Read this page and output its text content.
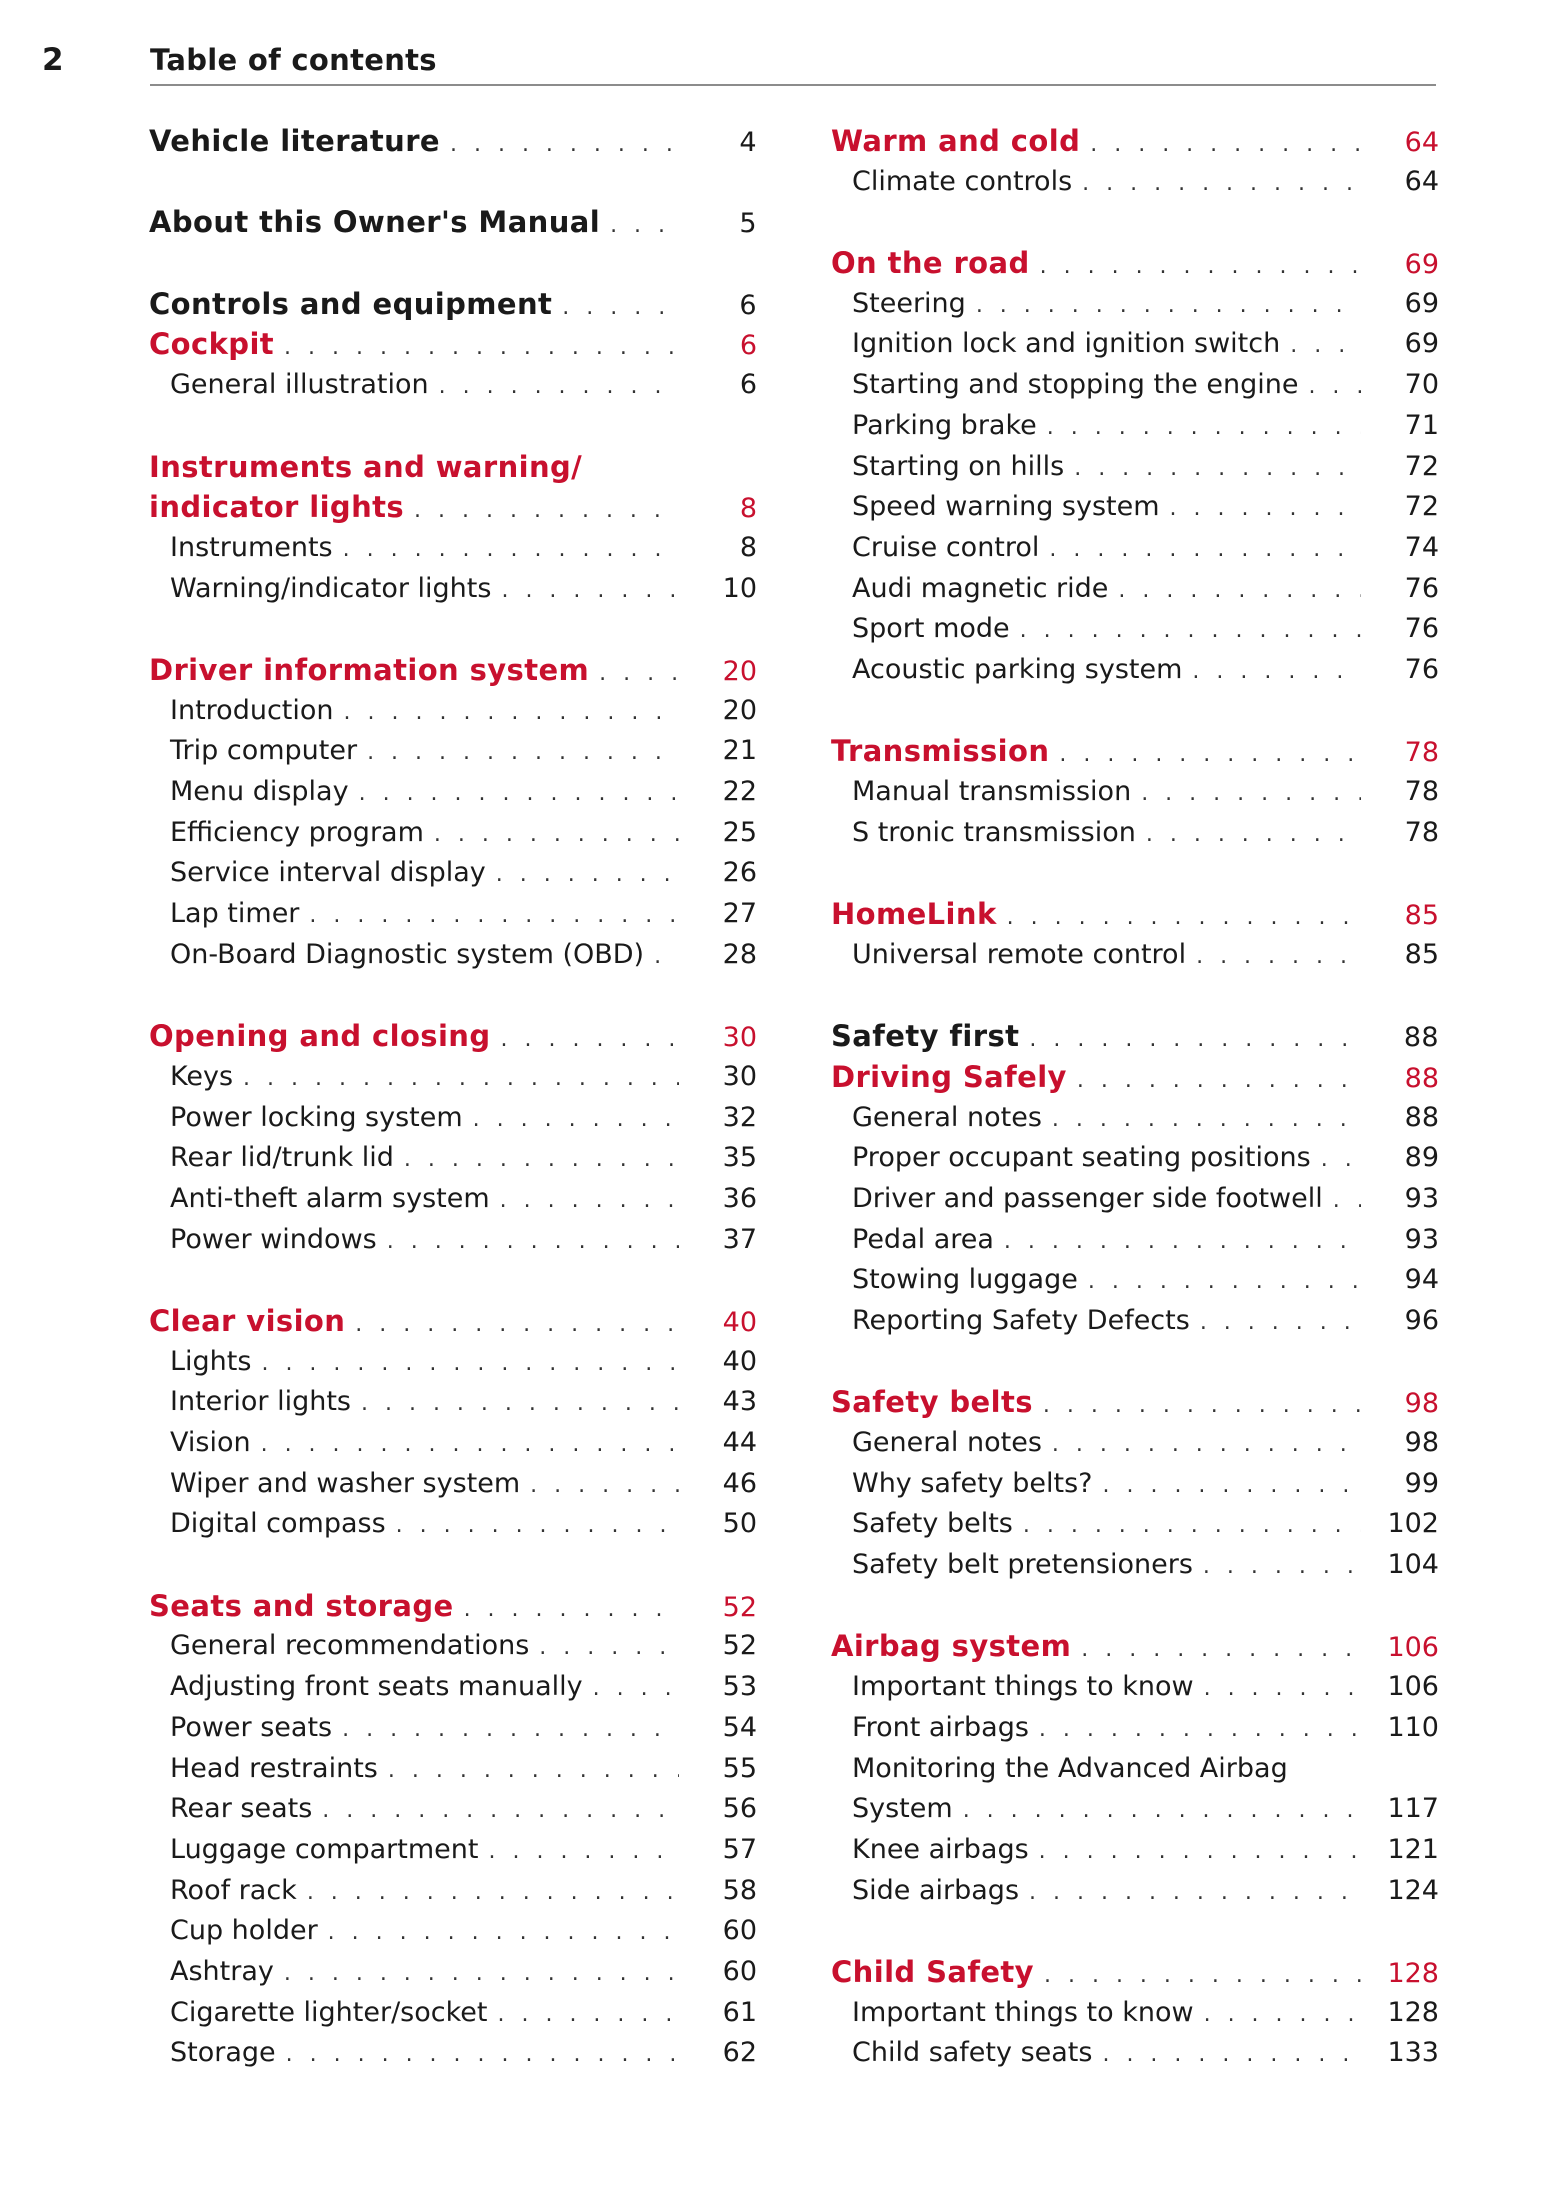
2	Table of contents
Vehicle literature . . .	4
About this Owner's Manual . . .	5
Controls and equipment . . .	6
Cockpit . . .	6
General illustration . . .	6
Instruments and warning/
indicator lights . . .	8
Instruments . . .	8
Warning/indicator lights . . .	10
Driver information system . . .	20
Introduction . . .	20
Trip computer . . .	21
Menu display . . .	22
Efficiency program . . .	25
Service interval display . . .	26
Lap timer . . .	27
On-Board Diagnostic system (OBD) . . .	28
Opening and closing . . .	30
Keys . . .	30
Power locking system . . .	32
Rear lid/trunk lid . . .	35
Anti-theft alarm system . . .	36
Power windows . . .	37
Clear vision . . .	40
Lights . . .	40
Interior lights . . .	43
Vision . . .	44
Wiper and washer system . . .	46
Digital compass . . .	50
Seats and storage . . .	52
General recommendations . . .	52
Adjusting front seats manually . . .	53
Power seats . . .	54
Head restraints . . .	55
Rear seats . . .	56
Luggage compartment . . .	57
Roof rack . . .	58
Cup holder . . .	60
Ashtray . . .	60
Cigarette lighter/socket . . .	61
Storage . . .	62
Warm and cold . . .	64
Climate controls . . .	64
On the road . . .	69
Steering . . .	69
Ignition lock and ignition switch . . .	69
Starting and stopping the engine . . .	70
Parking brake . . .	71
Starting on hills . . .	72
Speed warning system . . .	72
Cruise control . . .	74
Audi magnetic ride . . .	76
Sport mode . . .	76
Acoustic parking system . . .	76
Transmission . . .	78
Manual transmission . . .	78
S tronic transmission . . .	78
HomeLink . . .	85
Universal remote control . . .	85
Safety first . . .	88
Driving Safely . . .	88
General notes . . .	88
Proper occupant seating positions . . .	89
Driver and passenger side footwell . . .	93
Pedal area . . .	93
Stowing luggage . . .	94
Reporting Safety Defects . . .	96
Safety belts . . .	98
General notes . . .	98
Why safety belts? . . .	99
Safety belts . . .	102
Safety belt pretensioners . . .	104
Airbag system . . .	106
Important things to know . . .	106
Front airbags . . .	110
Monitoring the Advanced Airbag
System . . .	117
Knee airbags . . .	121
Side airbags . . .	124
Child Safety . . .	128
Important things to know . . .	128
Child safety seats . . .	133
